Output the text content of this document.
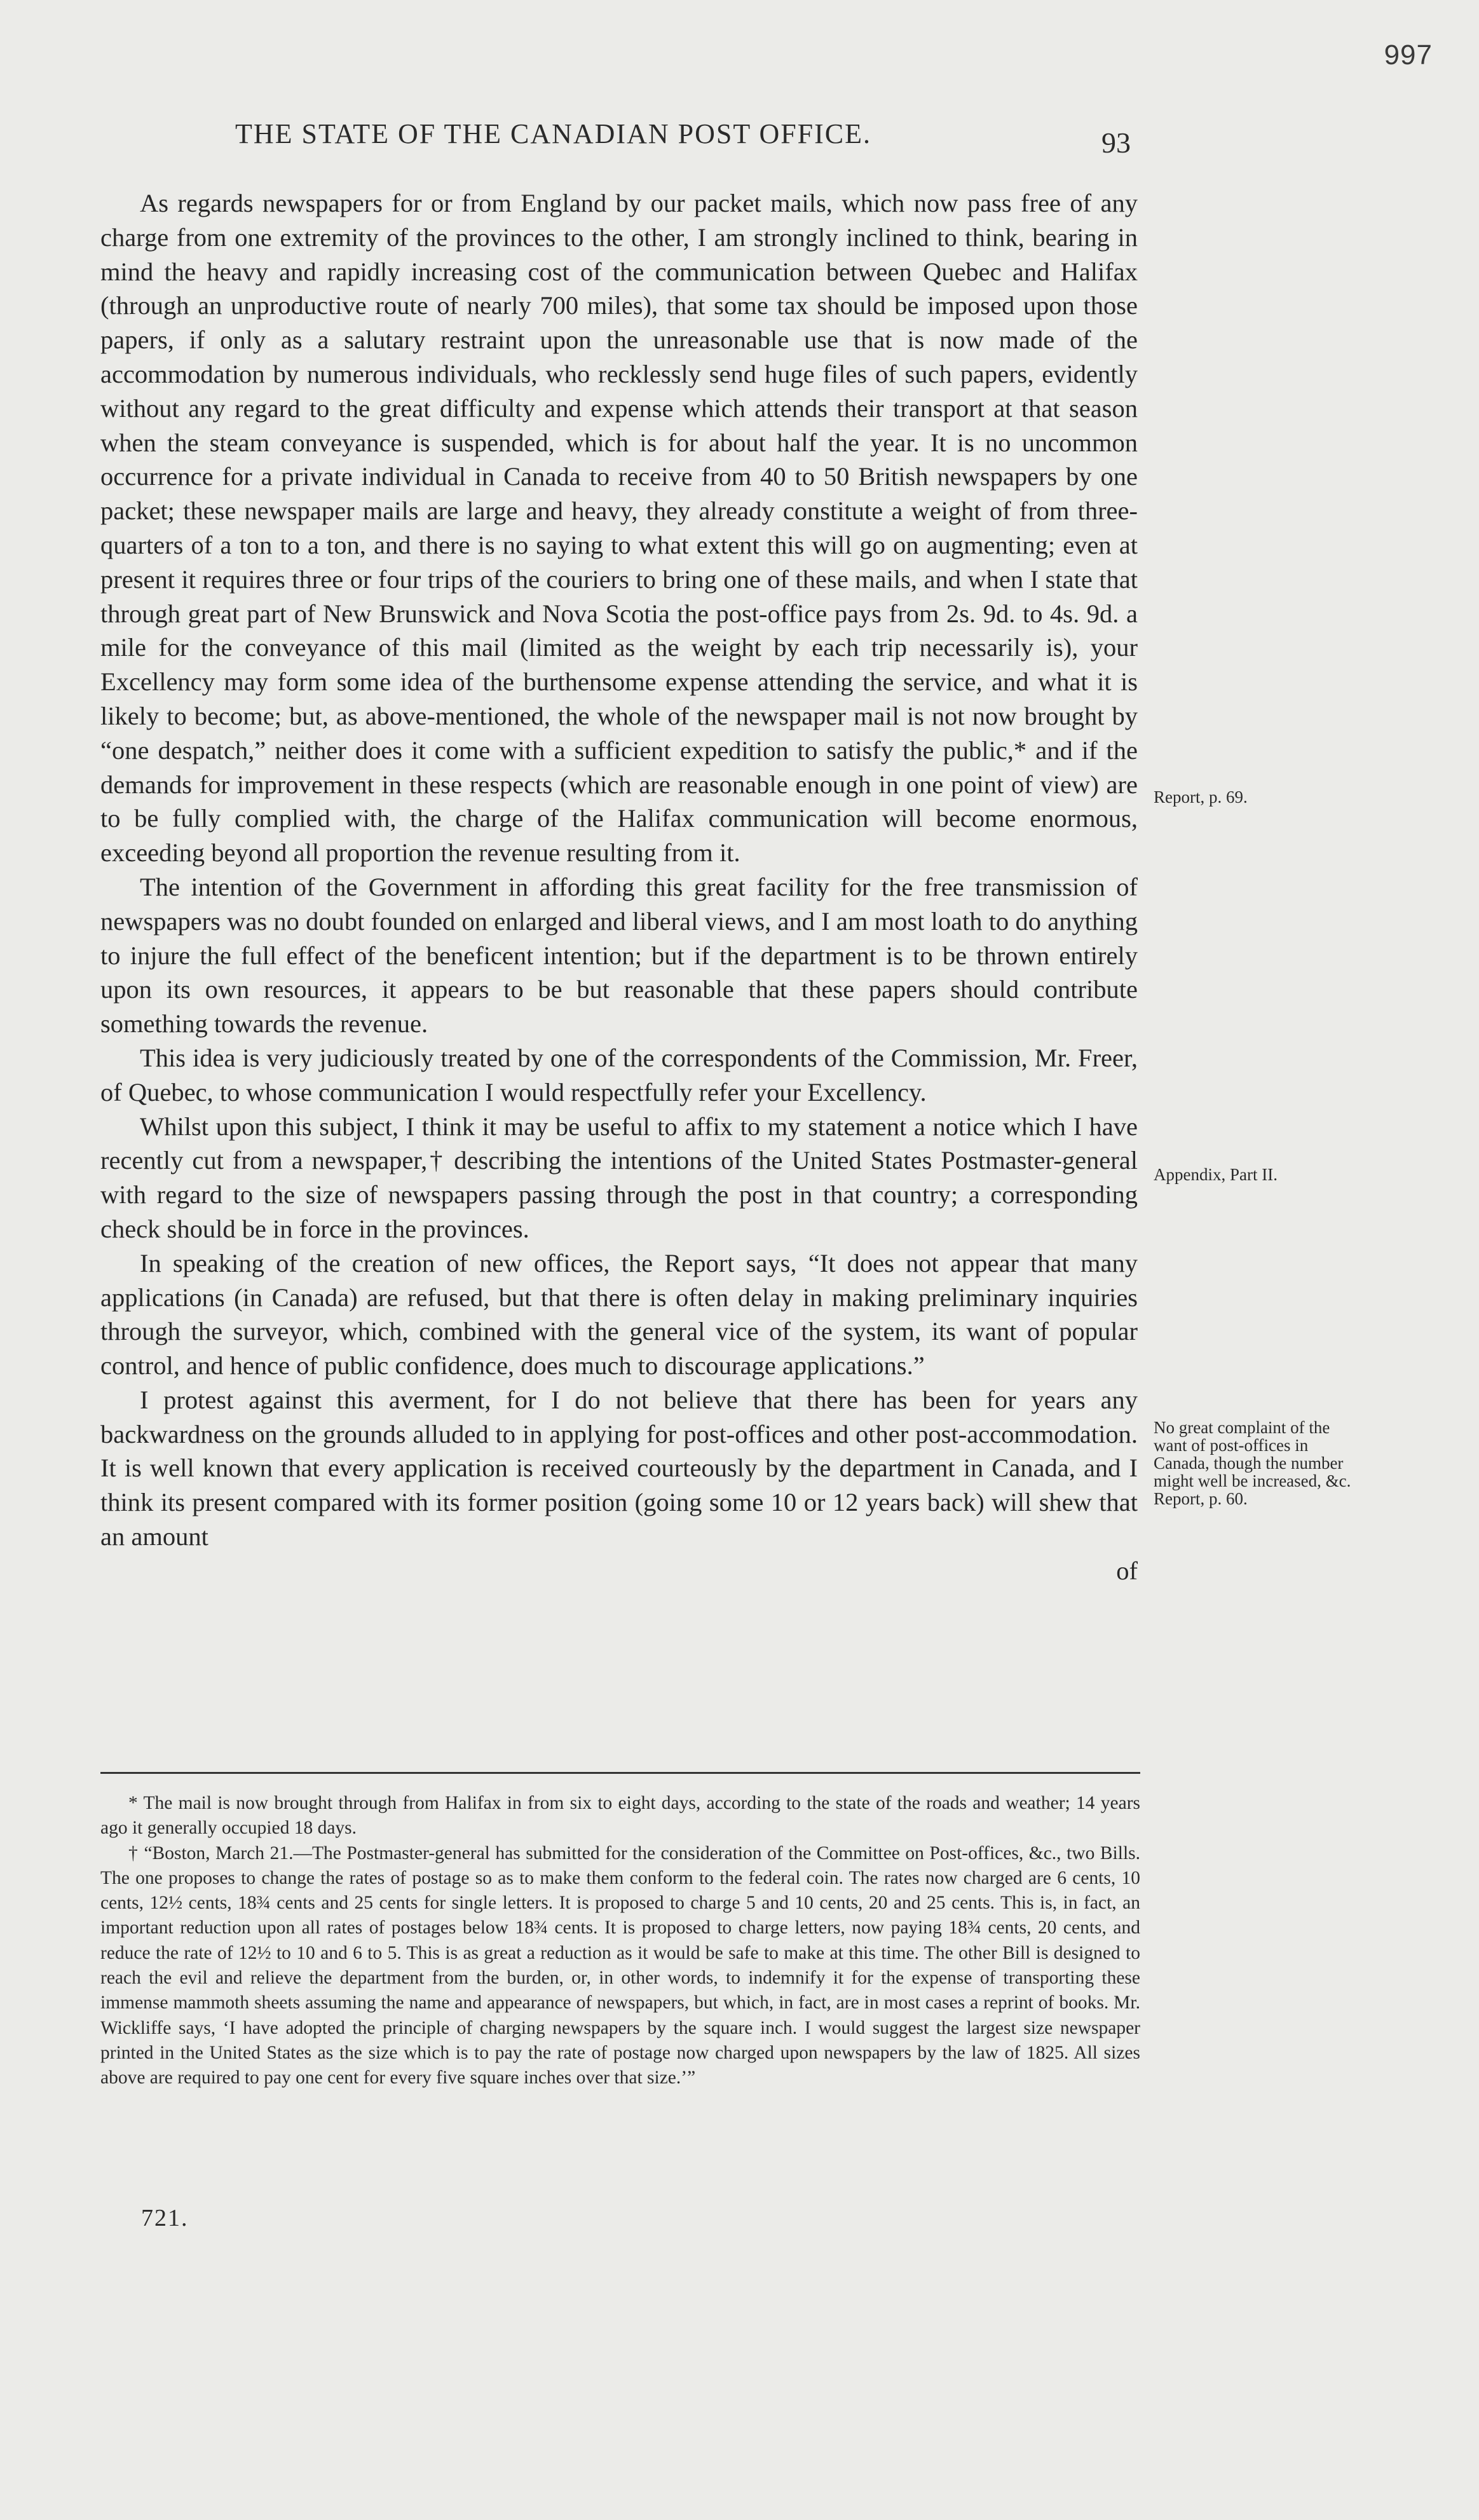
997
THE STATE OF THE CANADIAN POST OFFICE.	93

As regards newspapers for or from England by our packet mails, which now pass free of any charge from one extremity of the provinces to the other, I am strongly inclined to think, bearing in mind the heavy and rapidly increasing cost of the communication between Quebec and Halifax (through an unproductive route of nearly 700 miles), that some tax should be imposed upon those papers, if only as a salutary restraint upon the unreasonable use that is now made of the accommodation by numerous individuals, who recklessly send huge files of such papers, evidently without any regard to the great difficulty and expense which attends their transport at that season when the steam conveyance is suspended, which is for about half the year. It is no uncommon occurrence for a private individual in Canada to receive from 40 to 50 British newspapers by one packet; these newspaper mails are large and heavy, they already constitute a weight of from three-quarters of a ton to a ton, and there is no saying to what extent this will go on augmenting; even at present it requires three or four trips of the couriers to bring one of these mails, and when I state that through great part of New Brunswick and Nova Scotia the post-office pays from 2s. 9d. to 4s. 9d. a mile for the conveyance of this mail (limited as the weight by each trip necessarily is), your Excellency may form some idea of the burthensome expense attending the service, and what it is likely to become; but, as above-mentioned, the whole of the newspaper mail is not now brought by “one despatch,” neither does it come with a sufficient expedition to satisfy the public,* and if the demands for improvement in these respects (which are reasonable enough in one point of view) are to be fully complied with, the charge of the Halifax communication will become enormous, exceeding beyond all proportion the revenue resulting from it.

The intention of the Government in affording this great facility for the free transmission of newspapers was no doubt founded on enlarged and liberal views, and I am most loath to do anything to injure the full effect of the beneficent intention; but if the department is to be thrown entirely upon its own resources, it appears to be but reasonable that these papers should contribute something towards the revenue.

This idea is very judiciously treated by one of the correspondents of the Commission, Mr. Freer, of Quebec, to whose communication I would respectfully refer your Excellency.

Whilst upon this subject, I think it may be useful to affix to my statement a notice which I have recently cut from a newspaper,† describing the intentions of the United States Postmaster-general with regard to the size of newspapers passing through the post in that country; a corresponding check should be in force in the provinces.

In speaking of the creation of new offices, the Report says, “It does not appear that many applications (in Canada) are refused, but that there is often delay in making preliminary inquiries through the surveyor, which, combined with the general vice of the system, its want of popular control, and hence of public confidence, does much to discourage applications.”

I protest against this averment, for I do not believe that there has been for years any backwardness on the grounds alluded to in applying for post-offices and other post-accommodation. It is well known that every application is received courteously by the department in Canada, and I think its present compared with its former position (going some 10 or 12 years back) will shew that an amount

of
Report, p. 69.
Appendix, Part II.
No great complaint of the want of post-offices in Canada, though the number might well be increased, &c. Report, p. 60.

* The mail is now brought through from Halifax in from six to eight days, according to the state of the roads and weather; 14 years ago it generally occupied 18 days.

† “Boston, March 21.—The Postmaster-general has submitted for the consideration of the Committee on Post-offices, &c., two Bills. The one proposes to change the rates of postage so as to make them conform to the federal coin. The rates now charged are 6 cents, 10 cents, 12½ cents, 18¾ cents and 25 cents for single letters. It is proposed to charge 5 and 10 cents, 20 and 25 cents. This is, in fact, an important reduction upon all rates of postages below 18¾ cents. It is proposed to charge letters, now paying 18¾ cents, 20 cents, and reduce the rate of 12½ to 10 and 6 to 5. This is as great a reduction as it would be safe to make at this time. The other Bill is designed to reach the evil and relieve the department from the burden, or, in other words, to indemnify it for the expense of transporting these immense mammoth sheets assuming the name and appearance of newspapers, but which, in fact, are in most cases a reprint of books. Mr. Wickliffe says, ‘I have adopted the principle of charging newspapers by the square inch. I would suggest the largest size newspaper printed in the United States as the size which is to pay the rate of postage now charged upon newspapers by the law of 1825. All sizes above are required to pay one cent for every five square inches over that size.’”

721.
